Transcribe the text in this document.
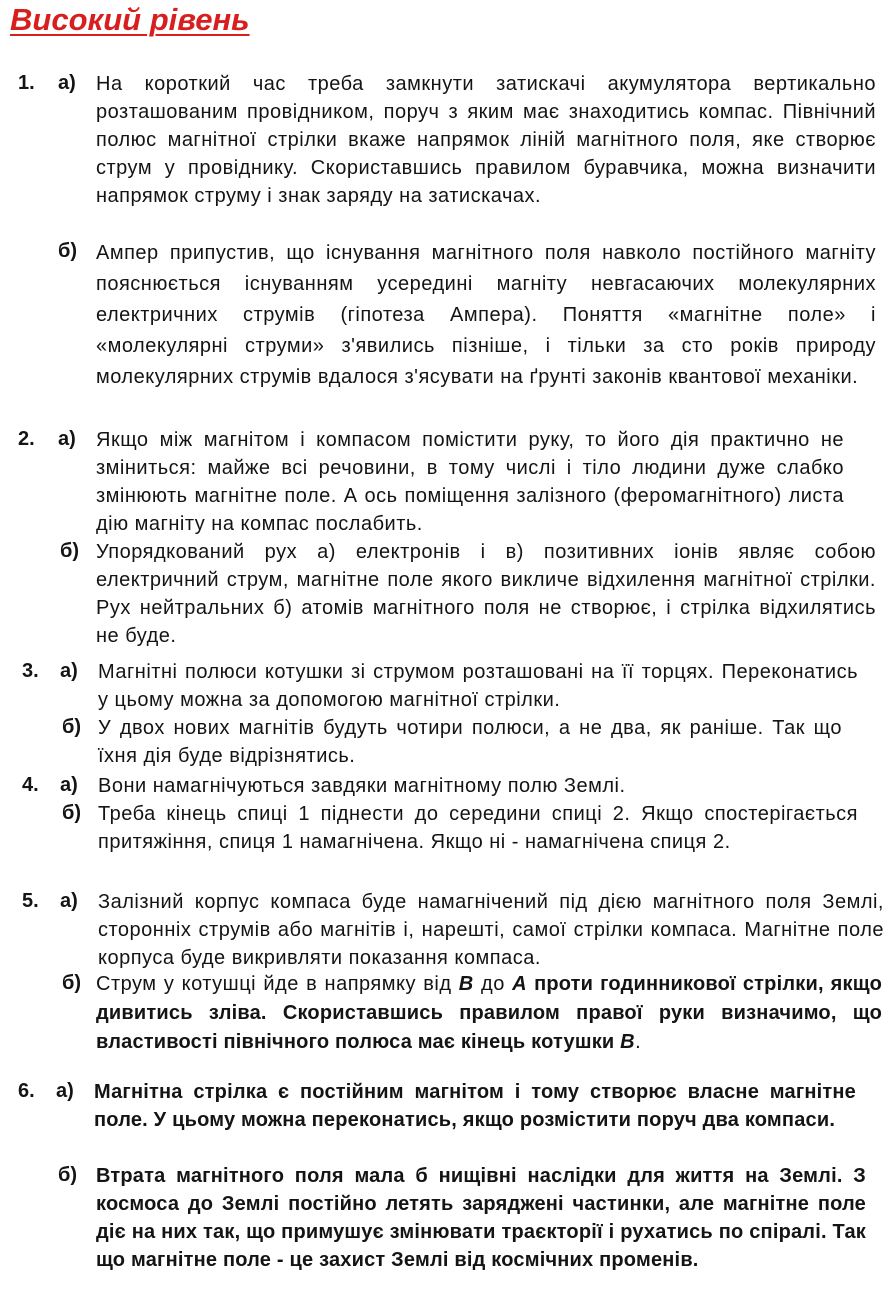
Високий рівень
1. а) На короткий час треба замкнути затискачі акумулятора вертикально розташованим провідником, поруч з яким має знаходитись компас. Північний полюс магнітної стрілки вкаже напрямок ліній магнітного поля, яке створює струм у провіднику. Скориставшись правилом буравчика, можна визначити напрямок струму і знак заряду на затискачах.
б) Ампер припустив, що існування магнітного поля навколо постійного магніту пояснюється існуванням усередині магніту невгасаючих молекулярних електричних струмів (гіпотеза Ампера). Поняття «магнітне поле» і «молекулярні струми» з'явились пізніше, і тільки за сто років природу молекулярних струмів вдалося з'ясувати на ґрунті законів квантової механіки.
2. а) Якщо між магнітом і компасом помістити руку, то його дія практично не зміниться: майже всі речовини, в тому числі і тіло людини дуже слабко змінюють магнітне поле. А ось поміщення залізного (феромагнітного) листа дію магніту на компас послабить.
б) Упорядкований рух а) електронів і в) позитивних іонів являє собою електричний струм, магнітне поле якого викличе відхилення магнітної стрілки. Рух нейтральних б) атомів магнітного поля не створює, і стрілка відхилятись не буде.
3. а) Магнітні полюси котушки зі струмом розташовані на її торцях. Переконатись у цьому можна за допомогою магнітної стрілки.
б) У двох нових магнітів будуть чотири полюси, а не два, як раніше. Так що їхня дія буде відрізнятись.
4. а) Вони намагнічуються завдяки магнітному полю Землі.
б) Треба кінець спиці 1 піднести до середини спиці 2. Якщо спостерігається притяжіння, спиця 1 намагнічена. Якщо ні - намагнічена спиця 2.
5. а) Залізний корпус компаса буде намагнічений під дією магнітного поля Землі, сторонніх струмів або магнітів і, нарешті, самої стрілки компаса. Магнітне поле корпуса буде викривляти показання компаса.
б) Струм у котушці йде в напрямку від B до A проти годинникової стрілки, якщо дивитись зліва. Скориставшись правилом правої руки визначимо, що властивості північного полюса має кінець котушки B.
6. а) Магнітна стрілка є постійним магнітом і тому створює власне магнітне поле. У цьому можна переконатись, якщо розмістити поруч два компаси.
б) Втрата магнітного поля мала б нищівні наслідки для життя на Землі. З космоса до Землі постійно летять заряджені частинки, але магнітне поле діє на них так, що примушує змінювати траєкторії і рухатись по спіралі. Так що магнітне поле - це захист Землі від космічних променів.
